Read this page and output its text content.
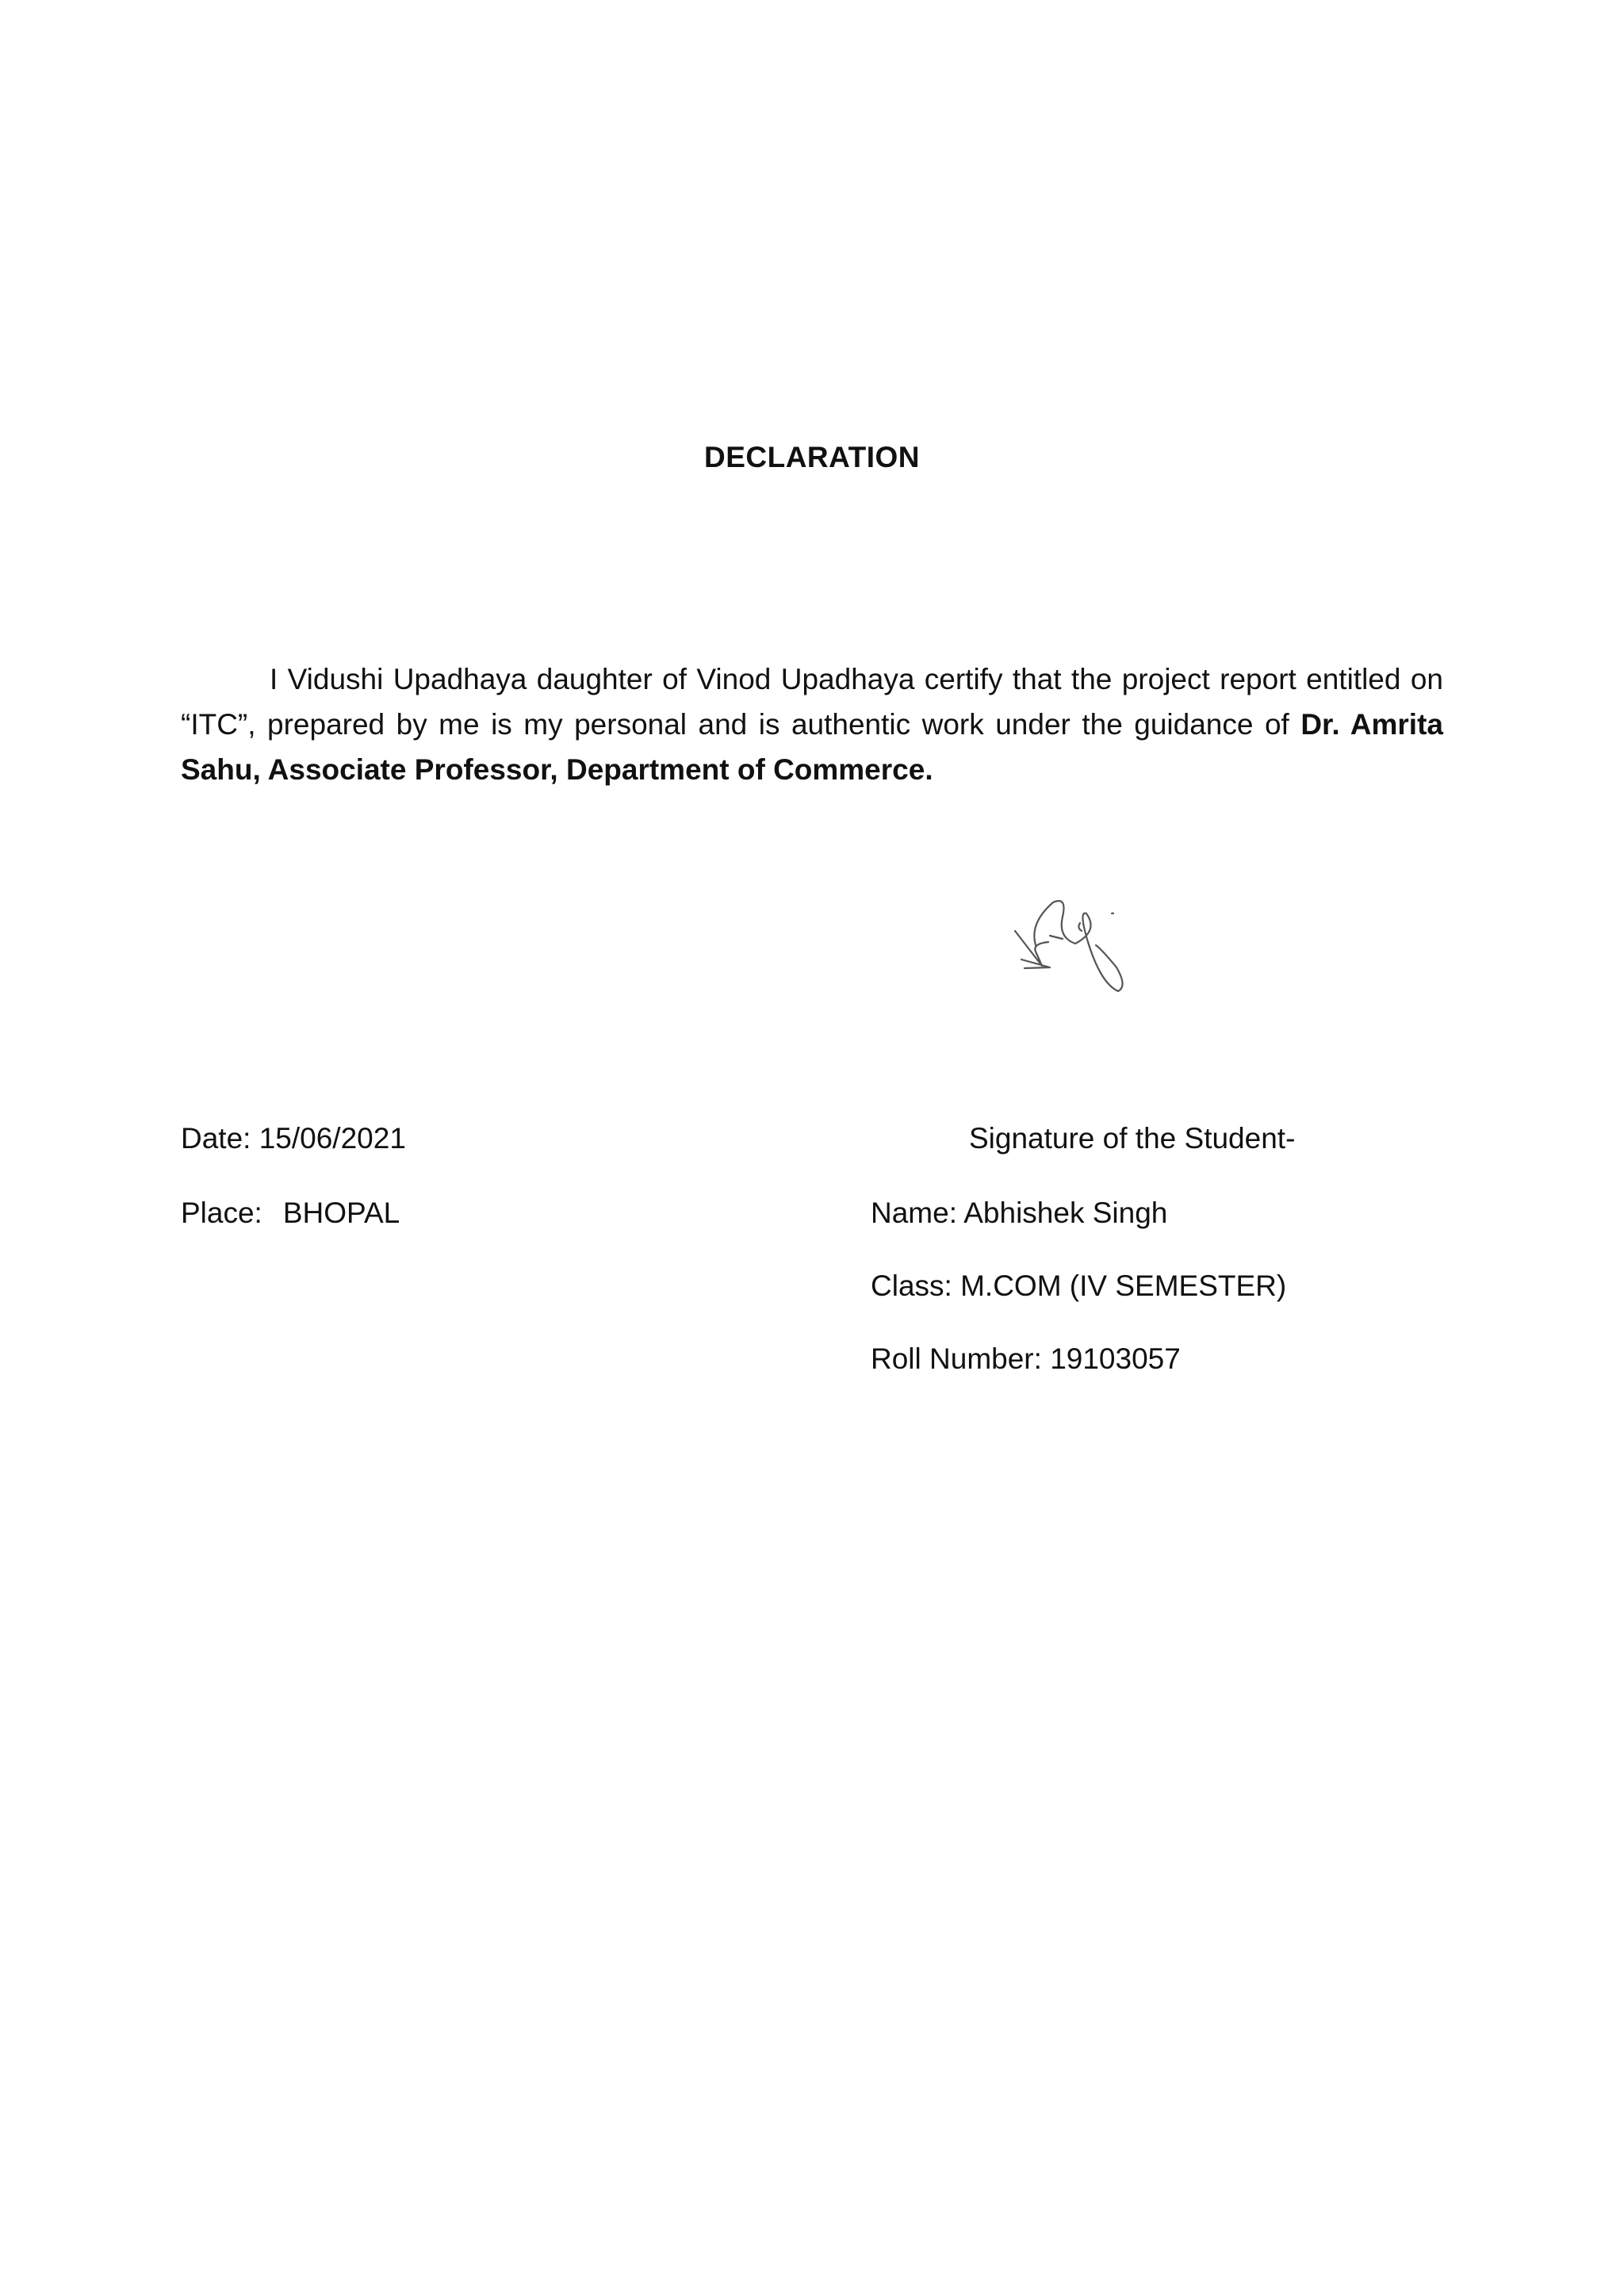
DECLARATION
I Vidushi Upadhaya daughter of Vinod Upadhaya certify that the project report entitled on “ITC”, prepared by me is my personal and is authentic work under the guidance of Dr. Amrita Sahu, Associate Professor, Department of Commerce.
Date: 15/06/2021
Place: BHOPAL
Signature of the Student-
Name: Abhishek Singh
Class: M.COM (IV SEMESTER)
Roll Number: 19103057
